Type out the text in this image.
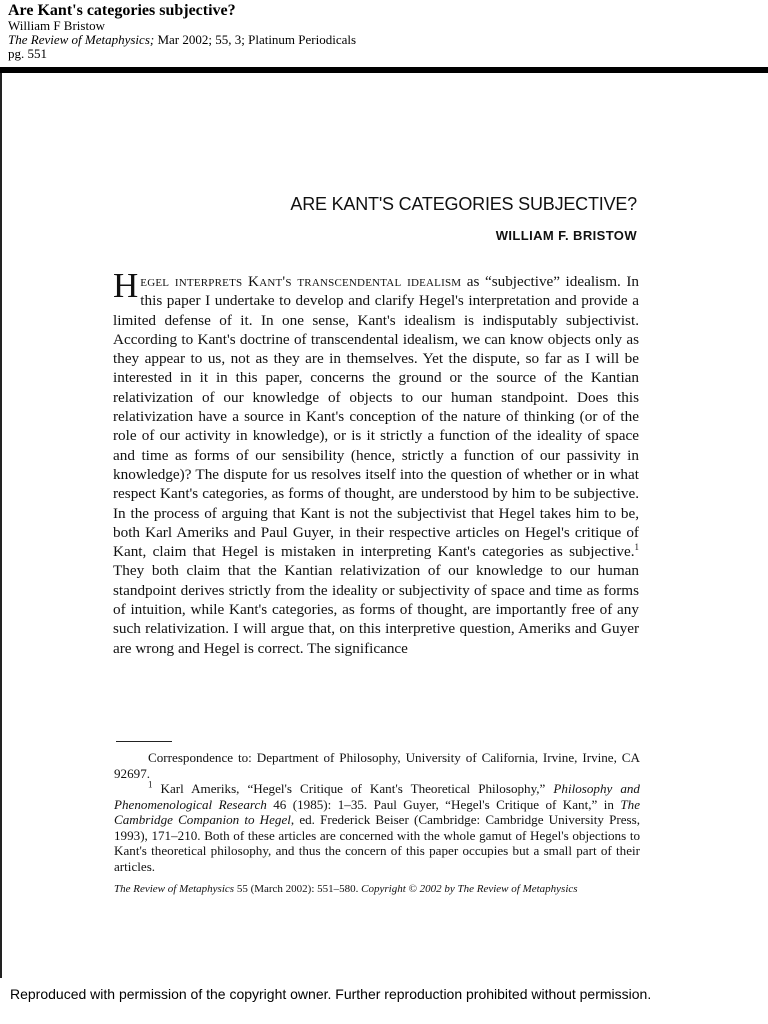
Are Kant's categories subjective?
William F Bristow
The Review of Metaphysics; Mar 2002; 55, 3; Platinum Periodicals
pg. 551
ARE KANT'S CATEGORIES SUBJECTIVE?
WILLIAM F. BRISTOW

Hegel interprets Kant's transcendental idealism as “subjective” idealism. In this paper I undertake to develop and clarify Hegel's interpretation and provide a limited defense of it. In one sense, Kant's idealism is indisputably subjectivist. According to Kant's doctrine of transcendental idealism, we can know objects only as they appear to us, not as they are in themselves. Yet the dispute, so far as I will be interested in it in this paper, concerns the ground or the source of the Kantian relativization of our knowledge of objects to our human standpoint. Does this relativization have a source in Kant's conception of the nature of thinking (or of the role of our activity in knowledge), or is it strictly a function of the ideality of space and time as forms of our sensibility (hence, strictly a function of our passivity in knowledge)? The dispute for us resolves itself into the question of whether or in what respect Kant's categories, as forms of thought, are understood by him to be subjective. In the process of arguing that Kant is not the subjectivist that Hegel takes him to be, both Karl Ameriks and Paul Guyer, in their respective articles on Hegel's critique of Kant, claim that Hegel is mistaken in interpreting Kant's categories as subjective.$^1$ They both claim that the Kantian relativization of our knowledge to our human standpoint derives strictly from the ideality or subjectivity of space and time as forms of intuition, while Kant's categories, as forms of thought, are importantly free of any such relativization. I will argue that, on this interpretive question, Ameriks and Guyer are wrong and Hegel is correct. The significance

Correspondence to: Department of Philosophy, University of California, Irvine, Irvine, CA 92697.

$^1$ Karl Ameriks, “Hegel's Critique of Kant's Theoretical Philosophy,” Philosophy and Phenomenological Research 46 (1985): 1–35. Paul Guyer, “Hegel's Critique of Kant,” in The Cambridge Companion to Hegel, ed. Frederick Beiser (Cambridge: Cambridge University Press, 1993), 171–210. Both of these articles are concerned with the whole gamut of Hegel's objections to Kant's theoretical philosophy, and thus the concern of this paper occupies but a small part of their articles.

The Review of Metaphysics 55 (March 2002): 551–580. Copyright © 2002 by The Review of Metaphysics
Reproduced with permission of the copyright owner. Further reproduction prohibited without permission.
